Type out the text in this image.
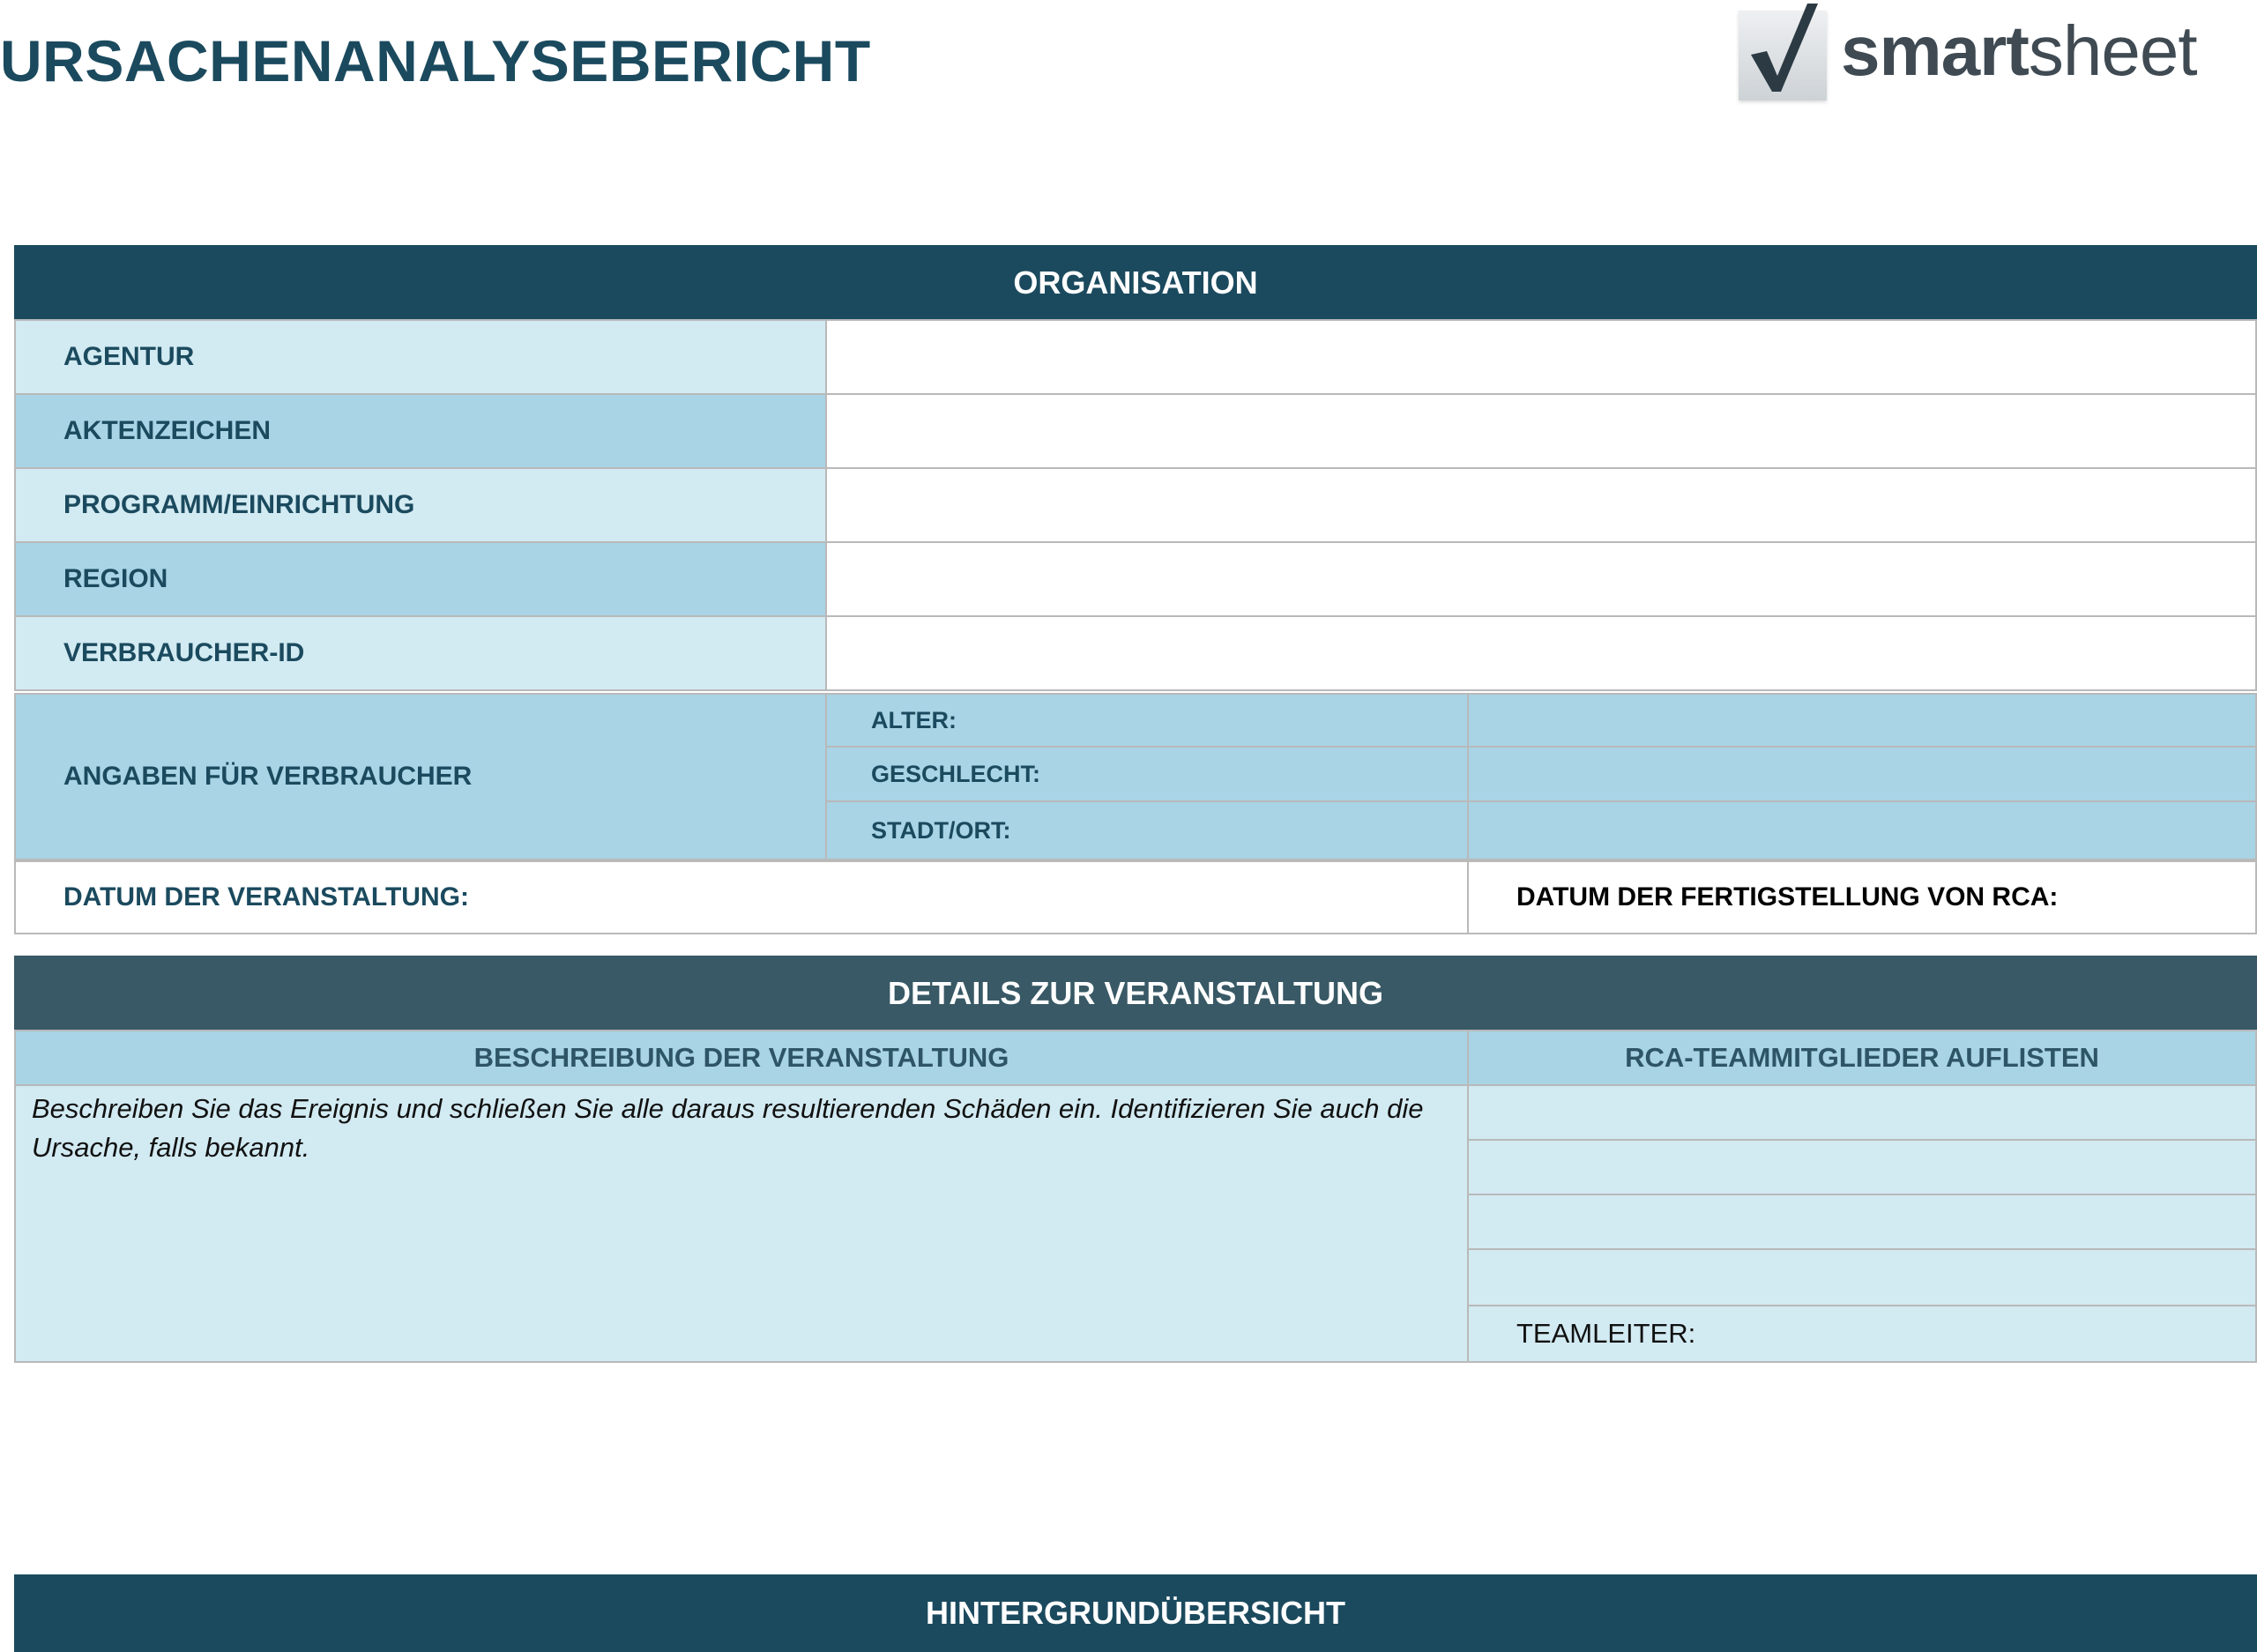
URSACHENANALYSEBERICHT	smartsheet
ORGANISATION
AGENTUR
AKTENZEICHEN
PROGRAMM/EINRICHTUNG
REGION
VERBRAUCHER-ID
ANGABEN FÜR VERBRAUCHER
ALTER:
GESCHLECHT:
STADT/ORT:
DATUM DER VERANSTALTUNG:	DATUM DER FERTIGSTELLUNG VON RCA:
DETAILS ZUR VERANSTALTUNG
BESCHREIBUNG DER VERANSTALTUNG	RCA-TEAMMITGLIEDER AUFLISTEN
Beschreiben Sie das Ereignis und schließen Sie alle daraus resultierenden Schäden ein. Identifizieren Sie auch die Ursache, falls bekannt.
TEAMLEITER:
HINTERGRUNDÜBERSICHT
